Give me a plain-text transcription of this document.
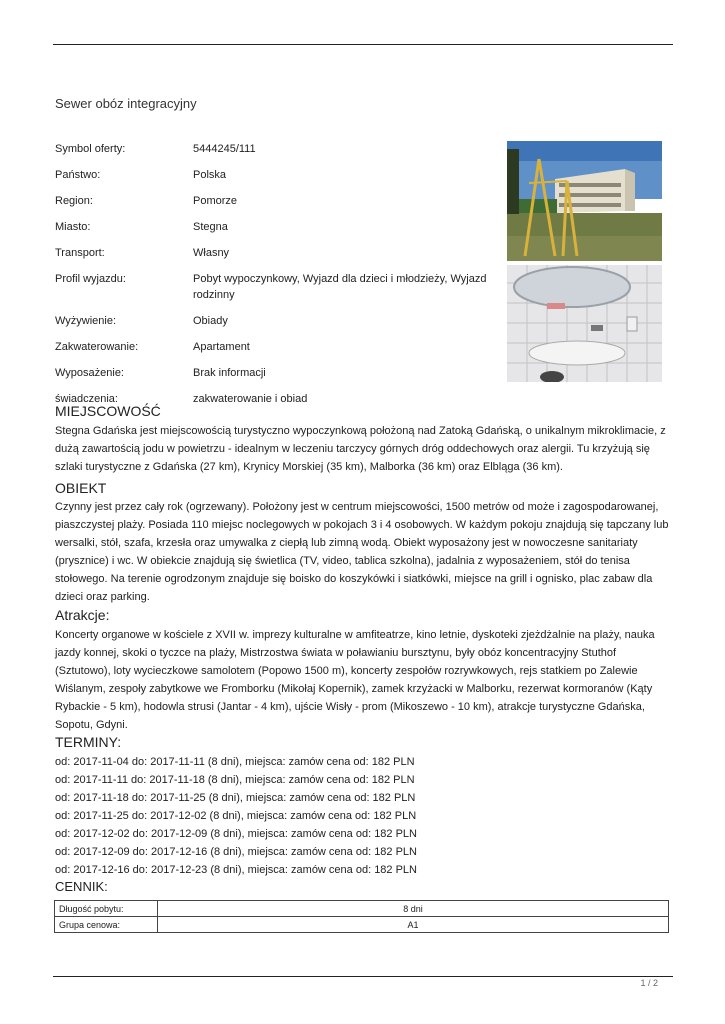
Sewer obóz integracyjny
Symbol oferty:	5444245/111
Państwo:	Polska
Region:	Pomorze
Miasto:	Stegna
Transport:	Własny
Profil wyjazdu:	Pobyt wypoczynkowy, Wyjazd dla dzieci i młodzieży, Wyjazd rodzinny
Wyżywienie:	Obiady
Zakwaterowanie:	Apartament
Wyposażenie:	Brak informacji
świadczenia:	zakwaterowanie i obiad
MIEJSCOWOŚĆ
Stegna Gdańska jest miejscowością turystyczno wypoczynkową położoną nad Zatoką Gdańską, o unikalnym mikroklimacie, z dużą zawartością jodu w powietrzu - idealnym w leczeniu tarczycy górnych dróg oddechowych oraz alergii. Tu krzyżują się szlaki turystyczne z Gdańska (27 km), Krynicy Morskiej (35 km), Malborka (36 km) oraz Elbląga (36 km).
OBIEKT
Czynny jest przez cały rok (ogrzewany). Położony jest w centrum miejscowości, 1500 metrów od może i zagospodarowanej, piaszczystej plaży. Posiada 110 miejsc noclegowych w pokojach 3 i 4 osobowych. W każdym pokoju znajdują się tapczany lub wersalki, stół, szafa, krzesła oraz umywalka z ciepłą lub zimną wodą. Obiekt wyposażony jest w nowoczesne sanitariaty (prysznice) i wc. W obiekcie znajdują się świetlica (TV, video, tablica szkolna), jadalnia z wyposażeniem, stół do tenisa stołowego. Na terenie ogrodzonym znajduje się boisko do koszykówki i siatkówki, miejsce na grill i ognisko, plac zabaw dla dzieci oraz parking.
Atrakcje:
Koncerty organowe w kościele z XVII w. imprezy kulturalne w amfiteatrze, kino letnie, dyskoteki zjeżdżalnie na plaży, nauka jazdy konnej, skoki o tyczce na plaży, Mistrzostwa świata w poławianiu bursztynu, były obóz koncentracyjny Stuthof (Sztutowo), loty wycieczkowe samolotem (Popowo 1500 m), koncerty zespołów rozrywkowych, rejs statkiem po Zalewie Wiślanym, zespoły zabytkowe we Fromborku (Mikołaj Kopernik), zamek krzyżacki w Malborku, rezerwat kormoranów (Kąty Rybackie - 5 km), hodowla strusi (Jantar - 4 km), ujście Wisły - prom (Mikoszewo - 10 km), atrakcje turystyczne Gdańska, Sopotu, Gdyni.
TERMINY:
od: 2017-11-04 do: 2017-11-11 (8 dni), miejsca: zamów cena od: 182 PLN
od: 2017-11-11 do: 2017-11-18 (8 dni), miejsca: zamów cena od: 182 PLN
od: 2017-11-18 do: 2017-11-25 (8 dni), miejsca: zamów cena od: 182 PLN
od: 2017-11-25 do: 2017-12-02 (8 dni), miejsca: zamów cena od: 182 PLN
od: 2017-12-02 do: 2017-12-09 (8 dni), miejsca: zamów cena od: 182 PLN
od: 2017-12-09 do: 2017-12-16 (8 dni), miejsca: zamów cena od: 182 PLN
od: 2017-12-16 do: 2017-12-23 (8 dni), miejsca: zamów cena od: 182 PLN
CENNIK:
Długość pobytu:	8 dni
Grupa cenowa:	A1
1 / 2
